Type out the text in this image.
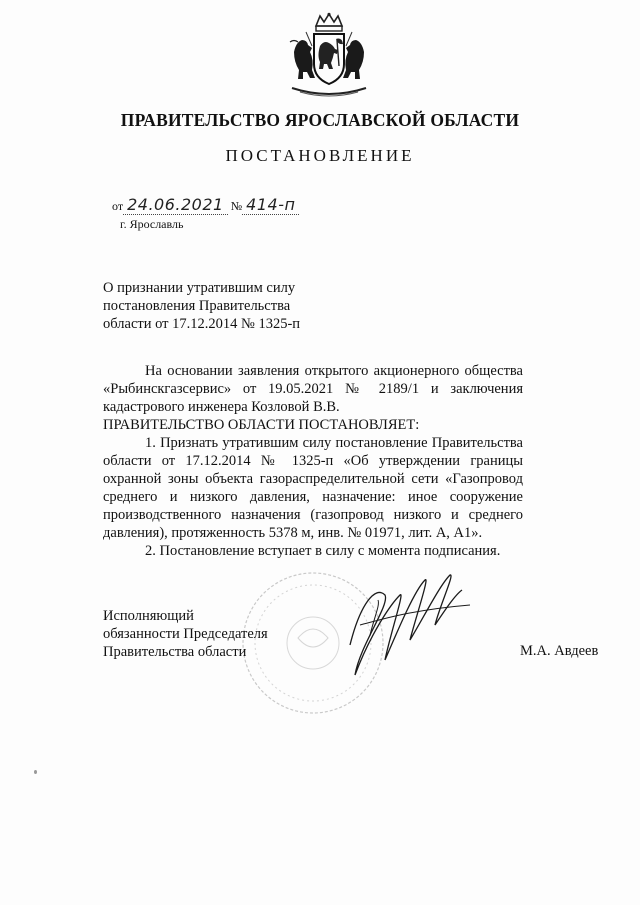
ПРАВИТЕЛЬСТВО ЯРОСЛАВСКОЙ ОБЛАСТИ
ПОСТАНОВЛЕНИЕ
от 24.06.2021 № 414-п
г. Ярославль
О признании утратившим силу
постановления Правительства
области от 17.12.2014 № 1325-п

На основании заявления открытого акционерного общества «Рыбинскгазсервис» от 19.05.2021 № 2189/1 и заключения кадастрового инженера Козловой В.В.

ПРАВИТЕЛЬСТВО ОБЛАСТИ ПОСТАНОВЛЯЕТ:

1. Признать утратившим силу постановление Правительства области от 17.12.2014 № 1325-п «Об утверждении границы охранной зоны объекта газораспределительной сети «Газопровод среднего и низкого давления, назначение: иное сооружение производственного назначения (газопровод низкого и среднего давления), протяженность 5378 м, инв. № 01971, лит. А, А1».

2. Постановление вступает в силу с момента подписания.

Исполняющий
обязанности Председателя
Правительства области	М.А. Авдеев
